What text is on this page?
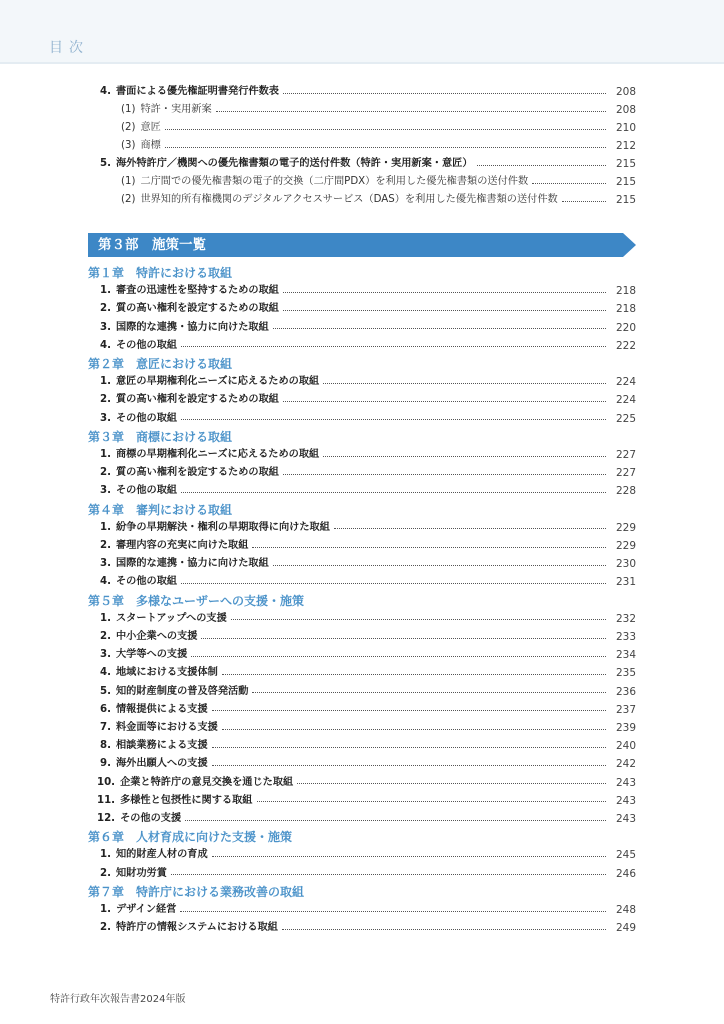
目次
4. 書面による優先権証明書発行件数表	208
(1) 特許・実用新案	208
(2) 意匠	210
(3) 商標	212
5. 海外特許庁／機関への優先権書類の電子的送付件数（特許・実用新案・意匠）	215
(1) 二庁間での優先権書類の電子的交換（二庁間PDX）を利用した優先権書類の送付件数	215
(2) 世界知的所有権機関のデジタルアクセスサービス（DAS）を利用した優先権書類の送付件数	215
第１章　特許における取組
1. 審査の迅速性を堅持するための取組	218
2. 質の高い権利を設定するための取組	218
3. 国際的な連携・協力に向けた取組	220
4. その他の取組	222
第２章　意匠における取組
1. 意匠の早期権利化ニーズに応えるための取組	224
2. 質の高い権利を設定するための取組	224
3. その他の取組	225
第３章　商標における取組
1. 商標の早期権利化ニーズに応えるための取組	227
2. 質の高い権利を設定するための取組	227
3. その他の取組	228
第４章　審判における取組
1. 紛争の早期解決・権利の早期取得に向けた取組	229
2. 審理内容の充実に向けた取組	229
3. 国際的な連携・協力に向けた取組	230
4. その他の取組	231
第５章　多様なユーザーへの支援・施策
1. スタートアップへの支援	232
2. 中小企業への支援	233
3. 大学等への支援	234
4. 地域における支援体制	235
5. 知的財産制度の普及啓発活動	236
6. 情報提供による支援	237
7. 料金面等における支援	239
8. 相談業務による支援	240
9. 海外出願人への支援	242
10. 企業と特許庁の意見交換を通じた取組	243
11. 多様性と包摂性に関する取組	243
12. その他の支援	243
第６章　人材育成に向けた支援・施策
1. 知的財産人材の育成	245
2. 知財功労賞	246
第７章　特許庁における業務改善の取組
1. デザイン経営	248
2. 特許庁の情報システムにおける取組	249
第３部　施策一覧
特許行政年次報告書2024年版
